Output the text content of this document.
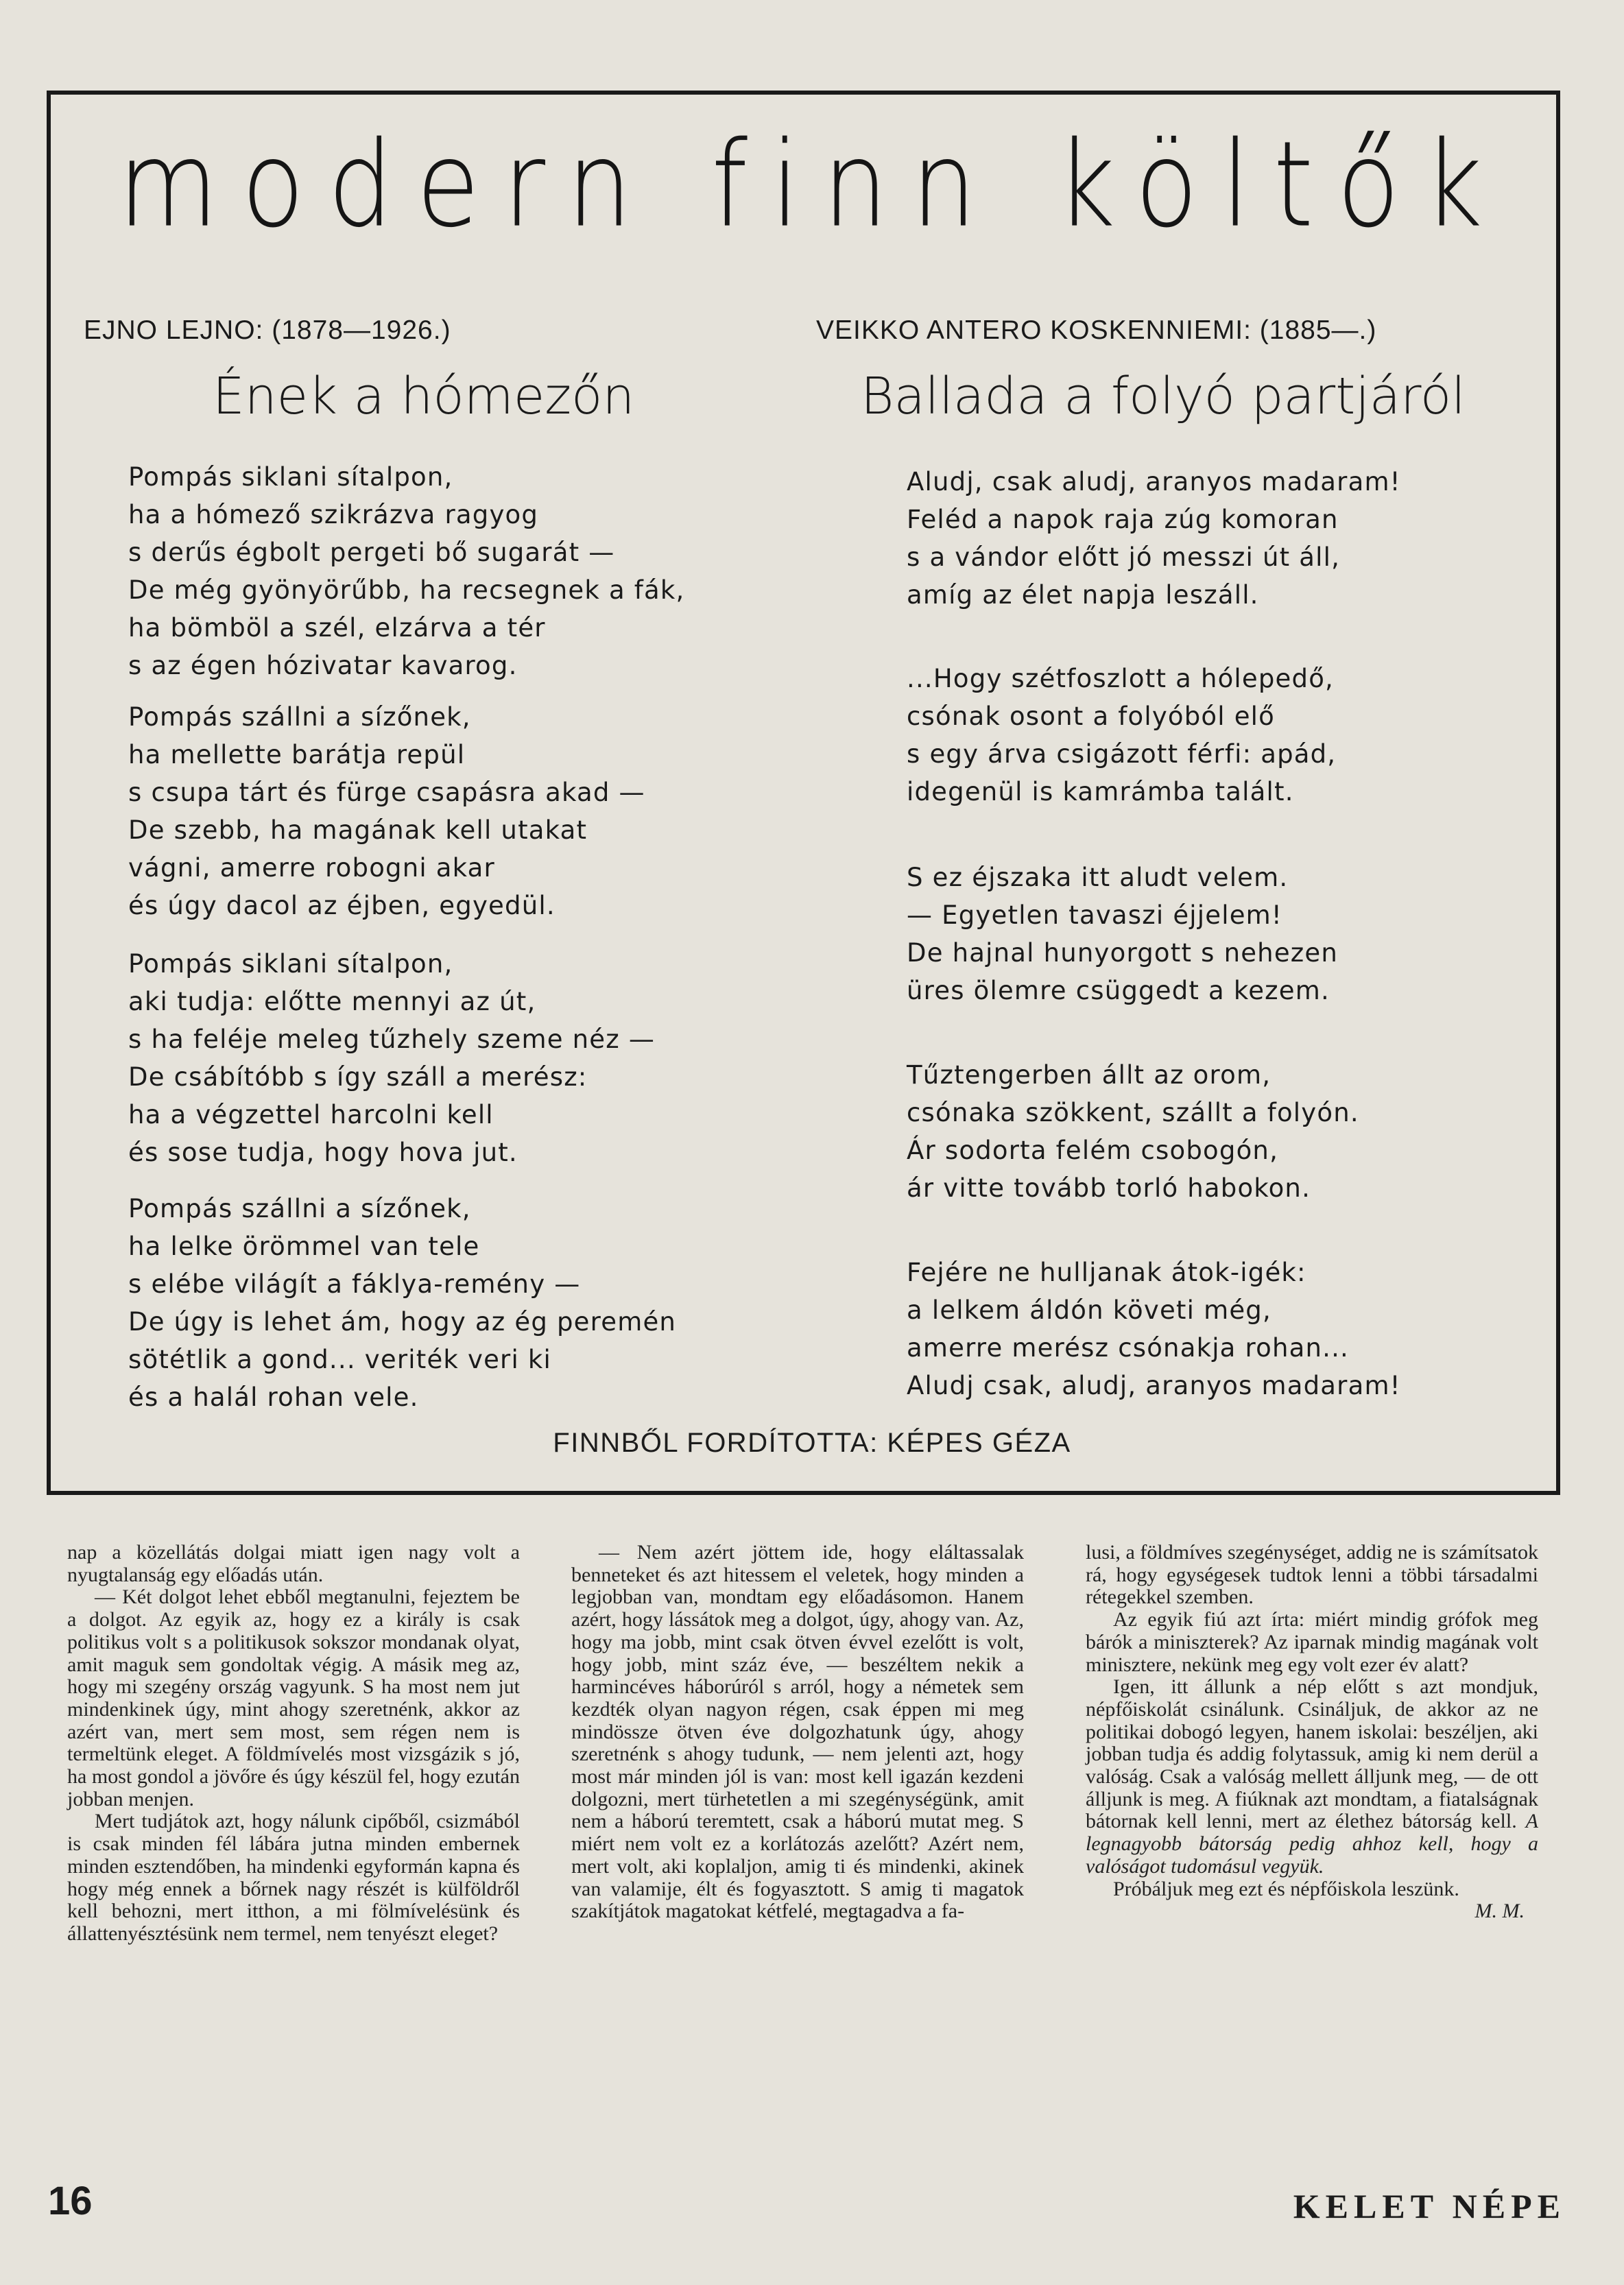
modern finn költők
EJNO LEJNO: (1878—1926.)
Ének a hómezőn
Pompás siklani sítalpon,
ha a hómező szikrázva ragyog
s derűs égbolt pergeti bő sugarát —
De még gyönyörűbb, ha recsegnek a fák,
ha bömböl a szél, elzárva a tér
s az égen hózivatar kavarog.
Pompás szállni a sízőnek,
ha mellette barátja repül
s csupa tárt és fürge csapásra akad —
De szebb, ha magának kell utakat
vágni, amerre robogni akar
és úgy dacol az éjben, egyedül.
Pompás siklani sítalpon,
aki tudja: előtte mennyi az út,
s ha feléje meleg tűzhely szeme néz —
De csábítóbb s így száll a merész:
ha a végzettel harcolni kell
és sose tudja, hogy hova jut.
Pompás szállni a sízőnek,
ha lelke örömmel van tele
s elébe világít a fáklya-remény —
De úgy is lehet ám, hogy az ég peremén
sötétlik a gond... veriték veri ki
és a halál rohan vele.
VEIKKO ANTERO KOSKENNIEMI: (1885—.)
Ballada a folyó partjáról
Aludj, csak aludj, aranyos madaram!
Feléd a napok raja zúg komoran
s a vándor előtt jó messzi út áll,
amíg az élet napja leszáll.
...Hogy szétfoszlott a hólepedő,
csónak osont a folyóból elő
s egy árva csigázott férfi: apád,
idegenül is kamrámba talált.
S ez éjszaka itt aludt velem.
— Egyetlen tavaszi éjjelem!
De hajnal hunyorgott s nehezen
üres ölemre csüggedt a kezem.
Tűztengerben állt az orom,
csónaka szökkent, szállt a folyón.
Ár sodorta felém csobogón,
ár vitte tovább torló habokon.
Fejére ne hulljanak átok-igék:
a lelkem áldón követi még,
amerre merész csónakja rohan...
Aludj csak, aludj, aranyos madaram!
FINNBŐL FORDÍTOTTA: KÉPES GÉZA

nap a közellátás dolgai miatt igen nagy volt a nyugtalanság egy előadás után.

— Két dolgot lehet ebből megtanulni, fejeztem be a dolgot. Az egyik az, hogy ez a király is csak politikus volt s a politikusok sokszor mondanak olyat, amit maguk sem gondoltak végig. A másik meg az, hogy mi szegény ország vagyunk. S ha most nem jut mindenkinek úgy, mint ahogy szeretnénk, akkor az azért van, mert sem most, sem régen nem is termeltünk eleget. A földmívelés most vizsgázik s jó, ha most gondol a jövőre és úgy készül fel, hogy ezután jobban menjen.

Mert tudjátok azt, hogy nálunk cipőből, csizmából is csak minden fél lábára jutna minden embernek minden esztendőben, ha mindenki egyformán kapna és hogy még ennek a bőrnek nagy részét is külföldről kell behozni, mert itthon, a mi fölmívelésünk és állattenyésztésünk nem termel, nem tenyészt eleget?

— Nem azért jöttem ide, hogy eláltassalak benneteket és azt hitessem el veletek, hogy minden a legjobban van, mondtam egy előadásomon. Hanem azért, hogy lássátok meg a dolgot, úgy, ahogy van. Az, hogy ma jobb, mint csak ötven évvel ezelőtt is volt, hogy jobb, mint száz éve, — beszéltem nekik a harmincéves háborúról s arról, hogy a németek sem kezdték olyan nagyon régen, csak éppen mi meg mindössze ötven éve dolgozhatunk úgy, ahogy szeretnénk s ahogy tudunk, — nem jelenti azt, hogy most már minden jól is van: most kell igazán kezdeni dolgozni, mert türhetetlen a mi szegénységünk, amit nem a háború teremtett, csak a háború mutat meg. S miért nem volt ez a korlátozás azelőtt? Azért nem, mert volt, aki koplaljon, amig ti és mindenki, akinek van valamije, élt és fogyasztott. S amig ti magatok szakítjátok magatokat kétfelé, megtagadva a fa-

lusi, a földmíves szegénységet, addig ne is számítsatok rá, hogy egységesek tudtok lenni a többi társadalmi rétegekkel szemben.

Az egyik fiú azt írta: miért mindig grófok meg bárók a miniszterek? Az iparnak mindig magának volt minisztere, nekünk meg egy volt ezer év alatt?

Igen, itt állunk a nép előtt s azt mondjuk, népfőiskolát csinálunk. Csináljuk, de akkor az ne politikai dobogó legyen, hanem iskolai: beszéljen, aki jobban tudja és addig folytassuk, amig ki nem derül a valóság. Csak a valóság mellett álljunk meg, — de ott álljunk is meg. A fiúknak azt mondtam, a fiatalságnak bátornak kell lenni, mert az élethez bátorság kell. A legnagyobb bátorság pedig ahhoz kell, hogy a valóságot tudomásul vegyük.

Próbáljuk meg ezt és népfőiskola leszünk.
M. M.

16	KELET NÉPE
